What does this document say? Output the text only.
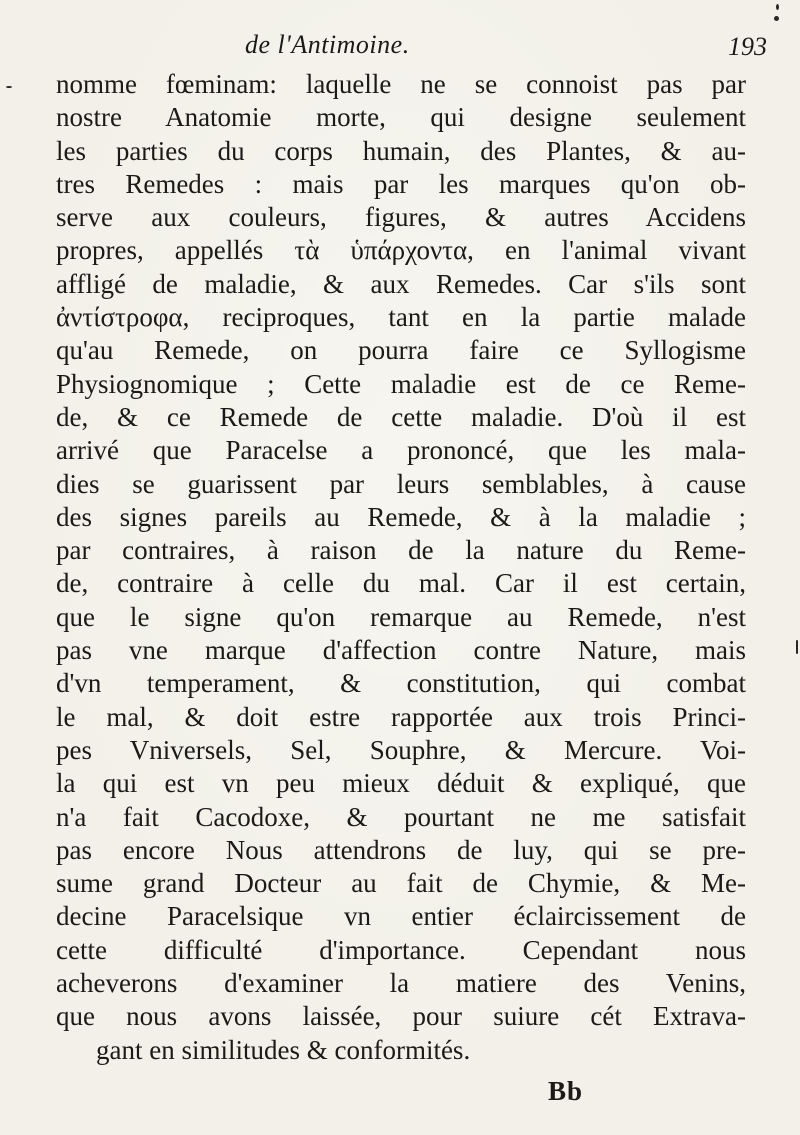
de l'Antimoine.	193
nomme fœminam: laquelle ne se connoist pas par
nostre Anatomie morte, qui designe seulement
les parties du corps humain, des Plantes, & au-
tres Remedes : mais par les marques qu'on ob-
serve aux couleurs, figures, & autres Accidens
propres, appellés τὰ ὑπάρχοντα, en l'animal vivant
affligé de maladie, & aux Remedes. Car s'ils sont
ἀντίστροφα, reciproques, tant en la partie malade
qu'au Remede, on pourra faire ce Syllogisme
Physiognomique ; Cette maladie est de ce Reme-
de, & ce Remede de cette maladie. D'où il est
arrivé que Paracelse a prononcé, que les mala-
dies se guarissent par leurs semblables, à cause
des signes pareils au Remede, & à la maladie ;
par contraires, à raison de la nature du Reme-
de, contraire à celle du mal. Car il est certain,
que le signe qu'on remarque au Remede, n'est
pas vne marque d'affection contre Nature, mais
d'vn temperament, & constitution, qui combat
le mal, & doit estre rapportée aux trois Princi-
pes Vniversels, Sel, Souphre, & Mercure. Voi-
la qui est vn peu mieux déduit & expliqué, que
n'a fait Cacodoxe, & pourtant ne me satisfait
pas encore Nous attendrons de luy, qui se pre-
sume grand Docteur au fait de Chymie, & Me-
decine Paracelsique vn entier éclaircissement de
cette difficulté d'importance. Cependant nous
acheverons d'examiner la matiere des Venins,
que nous avons laissée, pour suiure cét Extrava-
gant en similitudes & conformités.
Bb
